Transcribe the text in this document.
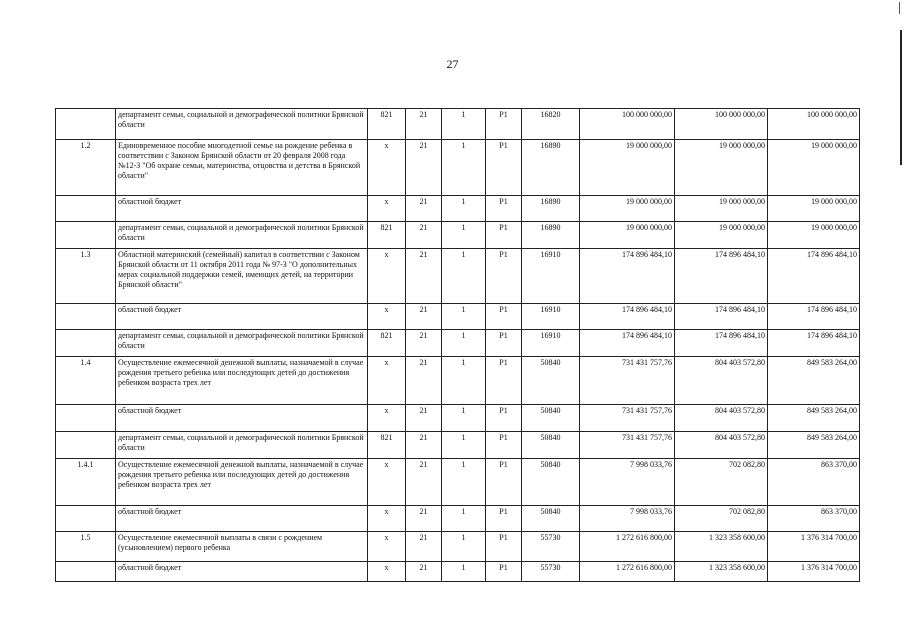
27
	департамент семьи, социальной и демографической политики Брянской области	821	21	1	Р1	16820	100 000 000,00	100 000 000,00	100 000 000,00
1.2	Единовременное пособие многодетной семье на рождение ребенка в соответствии с Законом Брянской области от 20 февраля 2008 года №12-З "Об охране семьи, материнства, отцовства и детства в Брянской области"	х	21	1	Р1	16890	19 000 000,00	19 000 000,00	19 000 000,00
	областной бюджет	х	21	1	Р1	16890	19 000 000,00	19 000 000,00	19 000 000,00
	департамент семьи, социальной и демографической политики Брянской области	821	21	1	Р1	16890	19 000 000,00	19 000 000,00	19 000 000,00
1.3	Областной материнский (семейный) капитал в соответствии с Законом Брянской области от 11 октября 2011 года № 97-З "О дополнительных мерах социальной поддержки семей, имеющих детей, на территории Брянской области"	х	21	1	Р1	16910	174 896 484,10	174 896 484,10	174 896 484,10
	областной бюджет	х	21	1	Р1	16910	174 896 484,10	174 896 484,10	174 896 484,10
	департамент семьи, социальной и демографической политики Брянской области	821	21	1	Р1	16910	174 896 484,10	174 896 484,10	174 896 484,10
1.4	Осуществление ежемесячной денежной выплаты, назначаемой в случае рождения третьего ребенка или последующих детей до достижения ребенком возраста трех лет	х	21	1	Р1	50840	731 431 757,76	804 403 572,80	849 583 264,00
	областной бюджет	х	21	1	Р1	50840	731 431 757,76	804 403 572,80	849 583 264,00
	департамент семьи, социальной и демографической политики Брянской области	821	21	1	Р1	50840	731 431 757,76	804 403 572,80	849 583 264,00
1.4.1	Осуществление ежемесячной денежной выплаты, назначаемой в случае рождения третьего ребенка или последующих детей до достижения ребенком возраста трех лет	х	21	1	Р1	50840	7 998 033,76	702 082,80	863 370,00
	областной бюджет	х	21	1	Р1	50840	7 998 033,76	702 082,80	863 370,00
1.5	Осуществление ежемесячной выплаты в связи с рождением (усыновлением) первого ребенка	х	21	1	Р1	55730	1 272 616 800,00	1 323 358 600,00	1 376 314 700,00
	областной бюджет	х	21	1	Р1	55730	1 272 616 800,00	1 323 358 600,00	1 376 314 700,00
